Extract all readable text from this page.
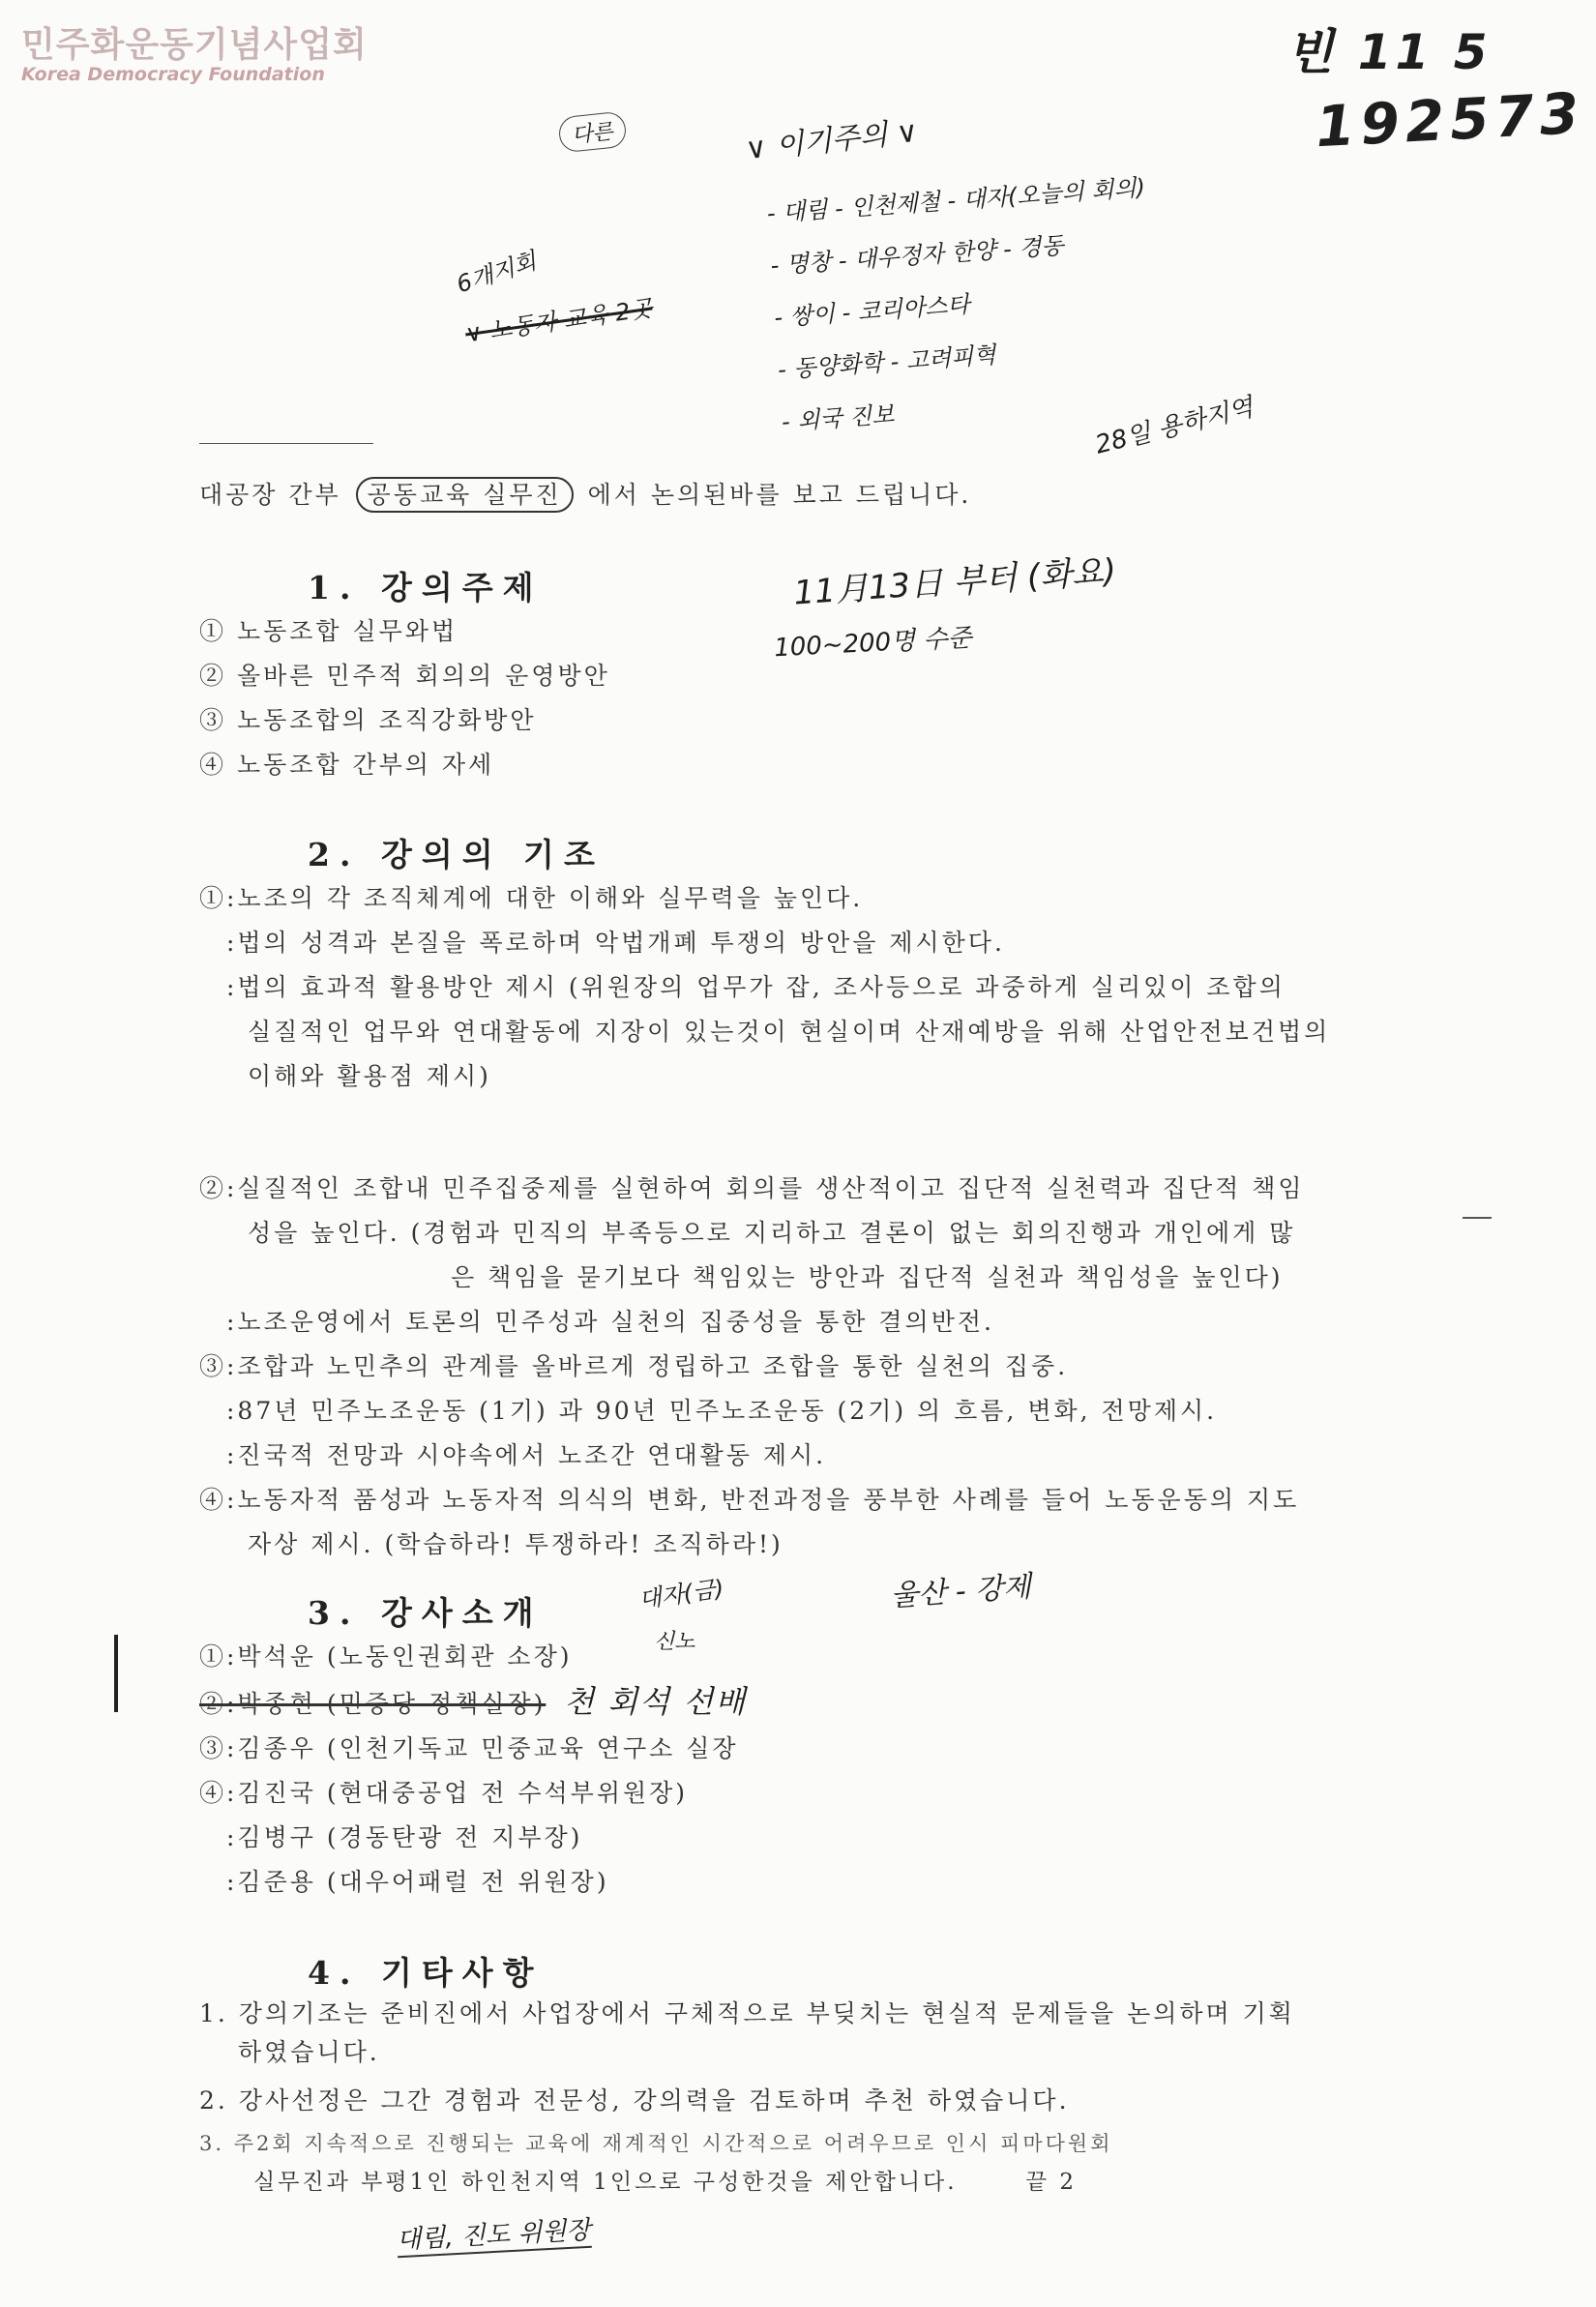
민주화운동기념사업회
Korea Democracy Foundation	빈 11 5
192573
다른	∨ 이기주의 ∨
- 대림 - 인천제철 - 대자(오늘의 회의)
- 명창 - 대우정자 한양 - 경동
- 쌍이 - 코리아스타
- 동양화학 - 고려피혁
- 외국 진보
6개지회
∨ 노동자 교육 2곳
28일 용하지역
대공장 간부 공동교육 실무진 에서 논의된바를 보고 드립니다.
1. 강의주제	11月13日 부터 (화요)
100~200명 수준
① 노동조합 실무와법
② 올바른 민주적 회의의 운영방안
③ 노동조합의 조직강화방안
④ 노동조합 간부의 자세
2. 강의의 기조
①:노조의 각 조직체계에 대한 이해와 실무력을 높인다.
:법의 성격과 본질을 폭로하며 악법개폐 투쟁의 방안을 제시한다.
:법의 효과적 활용방안 제시 (위원장의 업무가 잡, 조사등으로 과중하게 실리있이 조합의
실질적인 업무와 연대활동에 지장이 있는것이 현실이며 산재예방을 위해 산업안전보건법의
이해와 활용점 제시)
②:실질적인 조합내 민주집중제를 실현하여 회의를 생산적이고 집단적 실천력과 집단적 책임
성을 높인다. (경험과 민직의 부족등으로 지리하고 결론이 없는 회의진행과 개인에게 많
은 책임을 묻기보다 책임있는 방안과 집단적 실천과 책임성을 높인다)
:노조운영에서 토론의 민주성과 실천의 집중성을 통한 결의반전.
③:조합과 노민추의 관계를 올바르게 정립하고 조합을 통한 실천의 집중.
:87년 민주노조운동 (1기) 과 90년 민주노조운동 (2기) 의 흐름, 변화, 전망제시.
:진국적 전망과 시야속에서 노조간 연대활동 제시.
④:노동자적 품성과 노동자적 의식의 변화, 반전과정을 풍부한 사례를 들어 노동운동의 지도
자상 제시. (학습하라! 투쟁하라! 조직하라!)
3. 강사소개	대자(금)
신노
울산 - 강제
①:박석운 (노동인권회관 소장)
②:박종현 (민중당 정책실장) 천 회석 선배
③:김종우 (인천기독교 민중교육 연구소 실장
④:김진국 (현대중공업 전 수석부위원장)
:김병구 (경동탄광 전 지부장)
:김준용 (대우어패럴 전 위원장)
4. 기타사항
1. 강의기조는 준비진에서 사업장에서 구체적으로 부딪치는 현실적 문제들을 논의하며 기획
하였습니다.
2. 강사선정은 그간 경험과 전문성, 강의력을 검토하며 추천 하였습니다.
3. 주2회 지속적으로 진행되는 교육에 재계적인 시간적으로 어려우므로 인시 피마다원회
실무진과 부평1인 하인천지역 1인으로 구성한것을 제안합니다.	끝 2
대림, 진도 위원장
